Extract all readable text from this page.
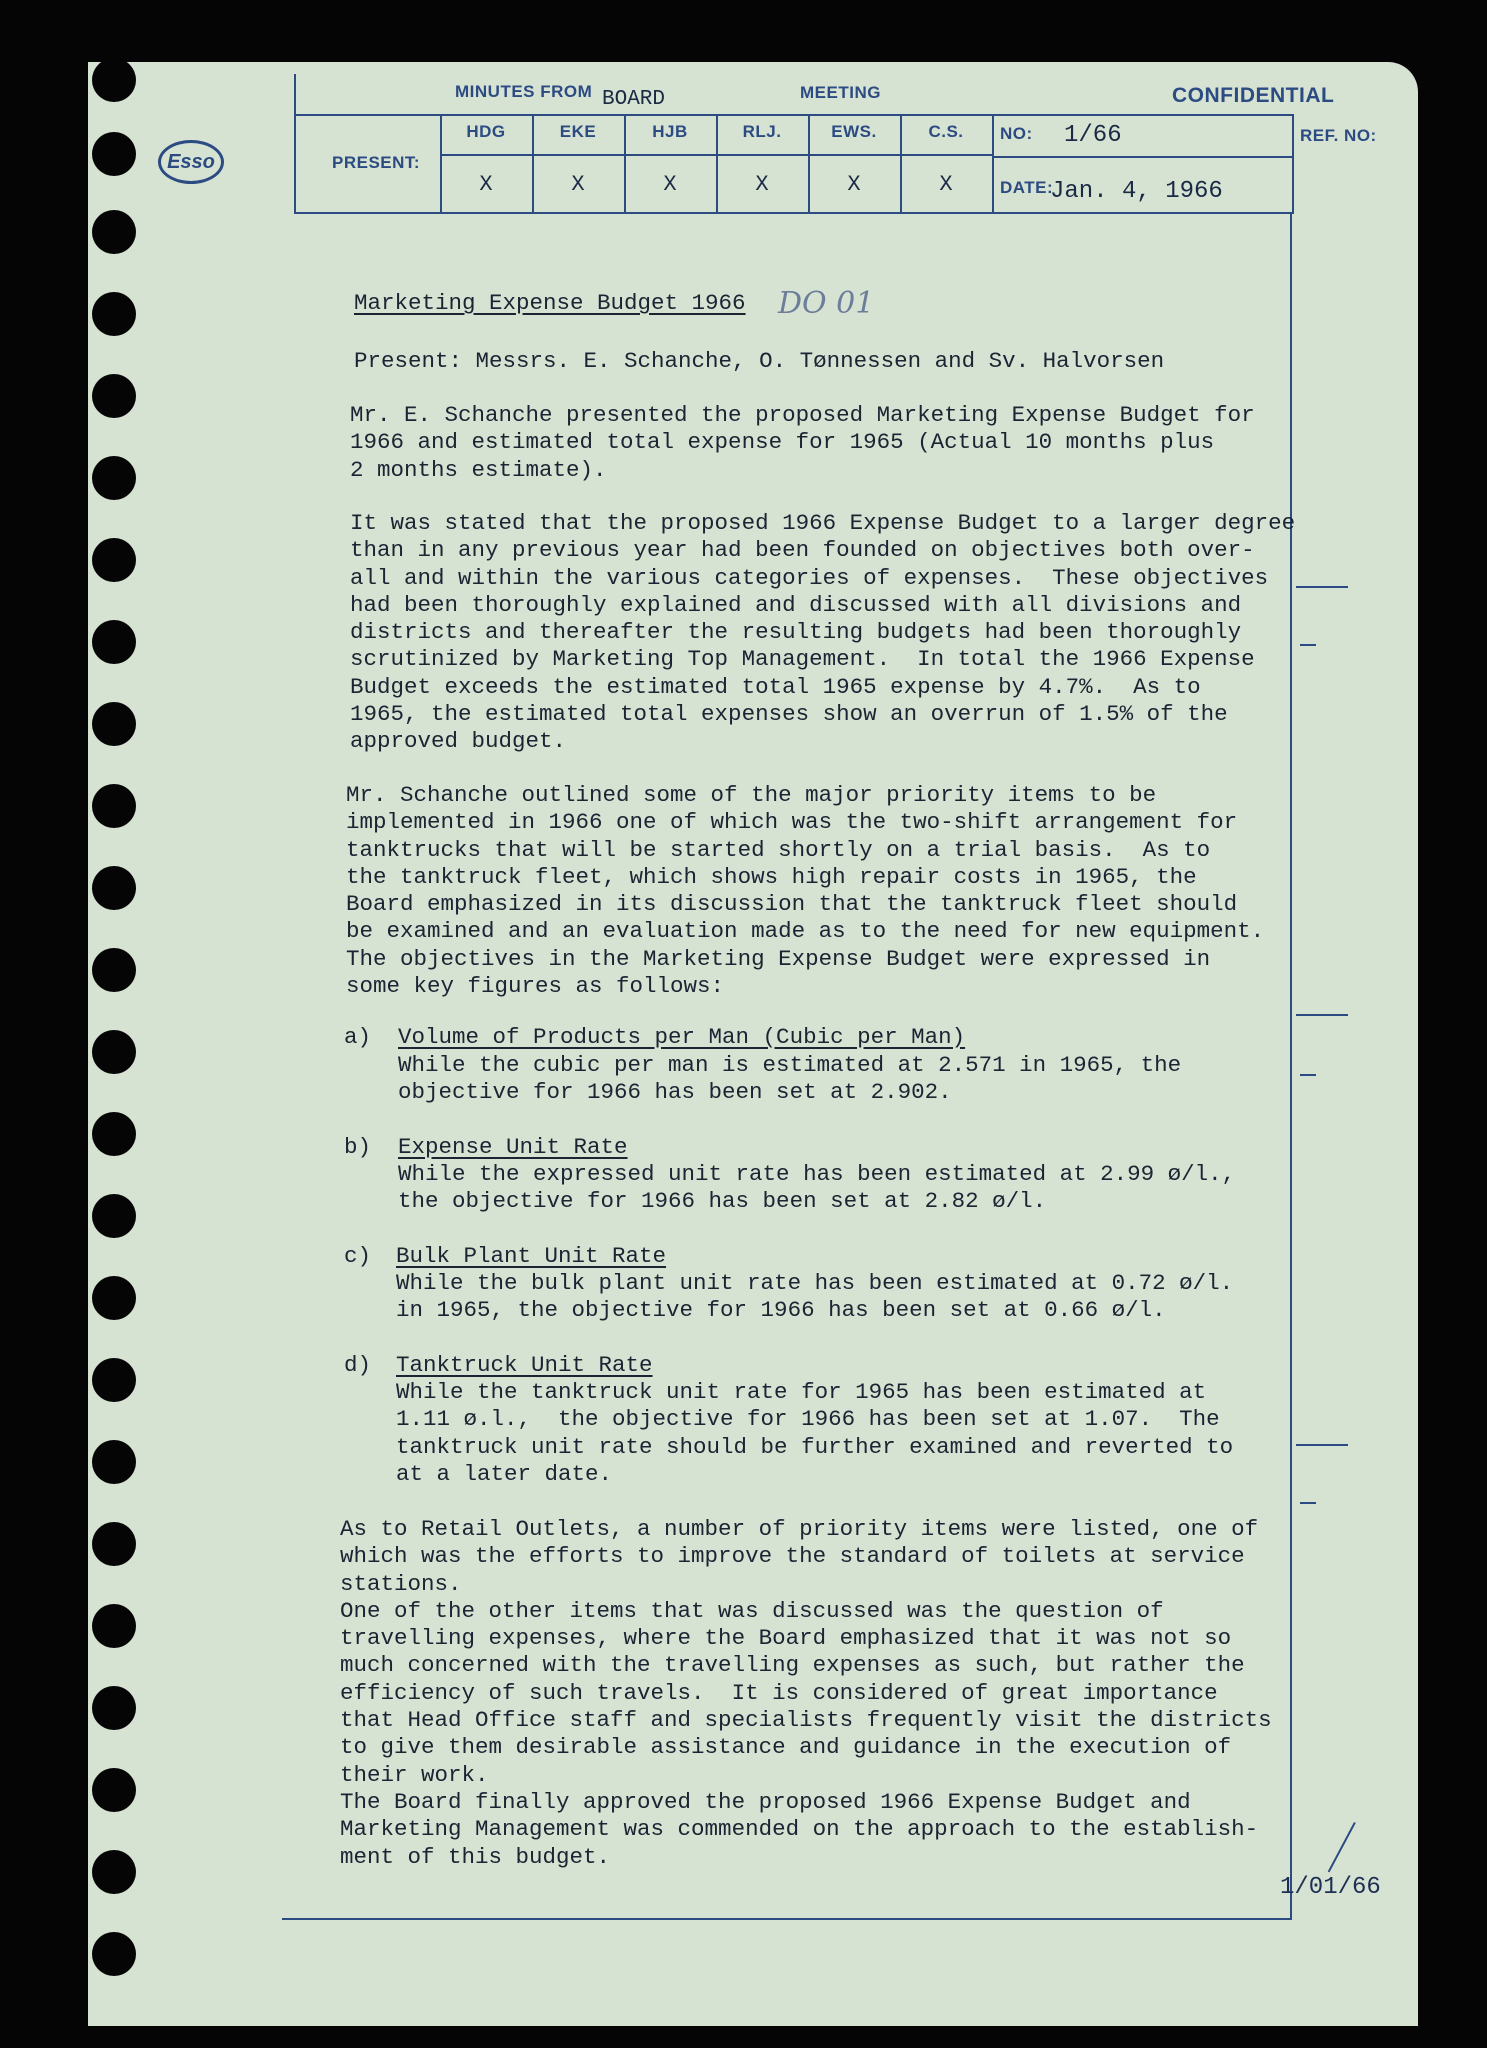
Esso
MINUTES FROM BOARD	MEETING	CONFIDENTIAL
PRESENT:
HDG	EKE	HJB	RLJ.	EWS.	C.S.
X	X	X	X	X	X
NO: 1/66
DATE:
Jan. 4, 1966
REF. NO:
DO 01
1/01/66
Marketing Expense Budget 1966
Present: Messrs. E. Schanche, O. Tønnessen and Sv. Halvorsen
Mr. E. Schanche presented the proposed Marketing Expense Budget for
1966 and estimated total expense for 1965 (Actual 10 months plus
2 months estimate).
It was stated that the proposed 1966 Expense Budget to a larger degree
than in any previous year had been founded on objectives both over-
all and within the various categories of expenses.  These objectives
had been thoroughly explained and discussed with all divisions and
districts and thereafter the resulting budgets had been thoroughly
scrutinized by Marketing Top Management.  In total the 1966 Expense
Budget exceeds the estimated total 1965 expense by 4.7%.  As to
1965, the estimated total expenses show an overrun of 1.5% of the
approved budget.
Mr. Schanche outlined some of the major priority items to be
implemented in 1966 one of which was the two-shift arrangement for
tanktrucks that will be started shortly on a trial basis.  As to
the tanktruck fleet, which shows high repair costs in 1965, the
Board emphasized in its discussion that the tanktruck fleet should
be examined and an evaluation made as to the need for new equipment.
The objectives in the Marketing Expense Budget were expressed in
some key figures as follows:
a) Volume of Products per Man (Cubic per Man)
While the cubic per man is estimated at 2.571 in 1965, the
objective for 1966 has been set at 2.902.
b) Expense Unit Rate
While the expressed unit rate has been estimated at 2.99 ø/l.,
the objective for 1966 has been set at 2.82 ø/l.
c) Bulk Plant Unit Rate
While the bulk plant unit rate has been estimated at 0.72 ø/l.
in 1965, the objective for 1966 has been set at 0.66 ø/l.
d) Tanktruck Unit Rate
While the tanktruck unit rate for 1965 has been estimated at
1.11 ø.l.,  the objective for 1966 has been set at 1.07.  The
tanktruck unit rate should be further examined and reverted to
at a later date.
As to Retail Outlets, a number of priority items were listed, one of
which was the efforts to improve the standard of toilets at service
stations.
One of the other items that was discussed was the question of
travelling expenses, where the Board emphasized that it was not so
much concerned with the travelling expenses as such, but rather the
efficiency of such travels.  It is considered of great importance
that Head Office staff and specialists frequently visit the districts
to give them desirable assistance and guidance in the execution of
their work.
The Board finally approved the proposed 1966 Expense Budget and
Marketing Management was commended on the approach to the establish-
ment of this budget.
